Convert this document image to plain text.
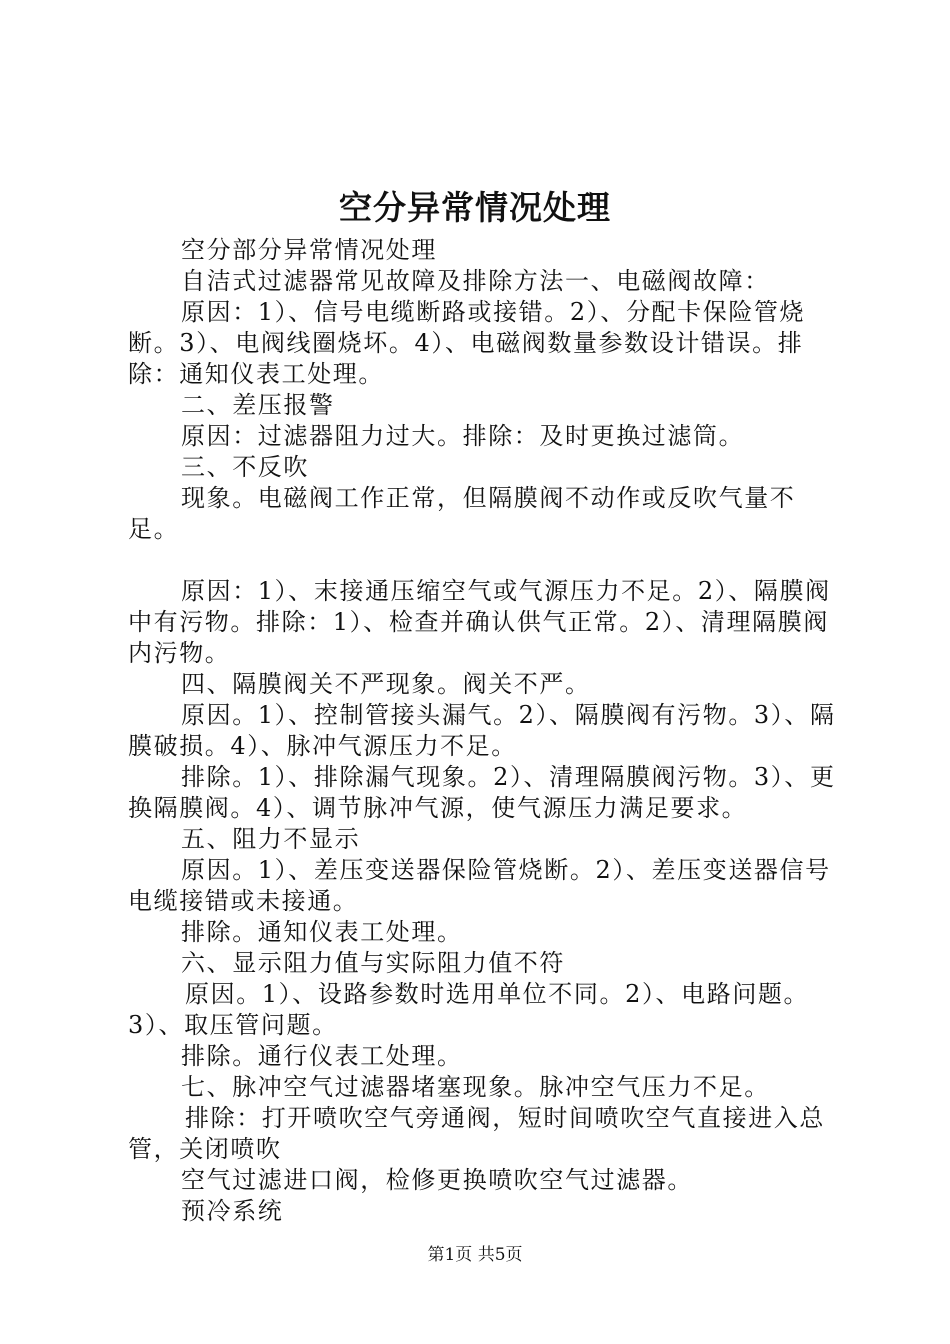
空分异常情况处理

空分部分异常情况处理

自洁式过滤器常见故障及排除方法一、电磁阀故障：

原因：1）、信号电缆断路或接错。2）、分配卡保险管烧断。3）、电阀线圈烧坏。4）、电磁阀数量参数设计错误。排除：通知仪表工处理。

二、差压报警

原因：过滤器阻力过大。排除：及时更换过滤筒。

三、不反吹

现象。电磁阀工作正常，但隔膜阀不动作或反吹气量不足。

原因：1）、末接通压缩空气或气源压力不足。2）、隔膜阀中有污物。排除：1）、检查并确认供气正常。2）、清理隔膜阀内污物。

四、隔膜阀关不严现象。阀关不严。

原因。1）、控制管接头漏气。2）、隔膜阀有污物。3）、隔膜破损。4）、脉冲气源压力不足。

排除。1）、排除漏气现象。2）、清理隔膜阀污物。3）、更换隔膜阀。4）、调节脉冲气源，使气源压力满足要求。

五、阻力不显示

原因。1）、差压变送器保险管烧断。2）、差压变送器信号电缆接错或未接通。

排除。通知仪表工处理。

六、显示阻力值与实际阻力值不符

原因。1）、设路参数时选用单位不同。2）、电路问题。3）、取压管问题。

排除。通行仪表工处理。

七、脉冲空气过滤器堵塞现象。脉冲空气压力不足。

排除：打开喷吹空气旁通阀，短时间喷吹空气直接进入总管，关闭喷吹

空气过滤进口阀，检修更换喷吹空气过滤器。

预冷系统

第1页 共5页
